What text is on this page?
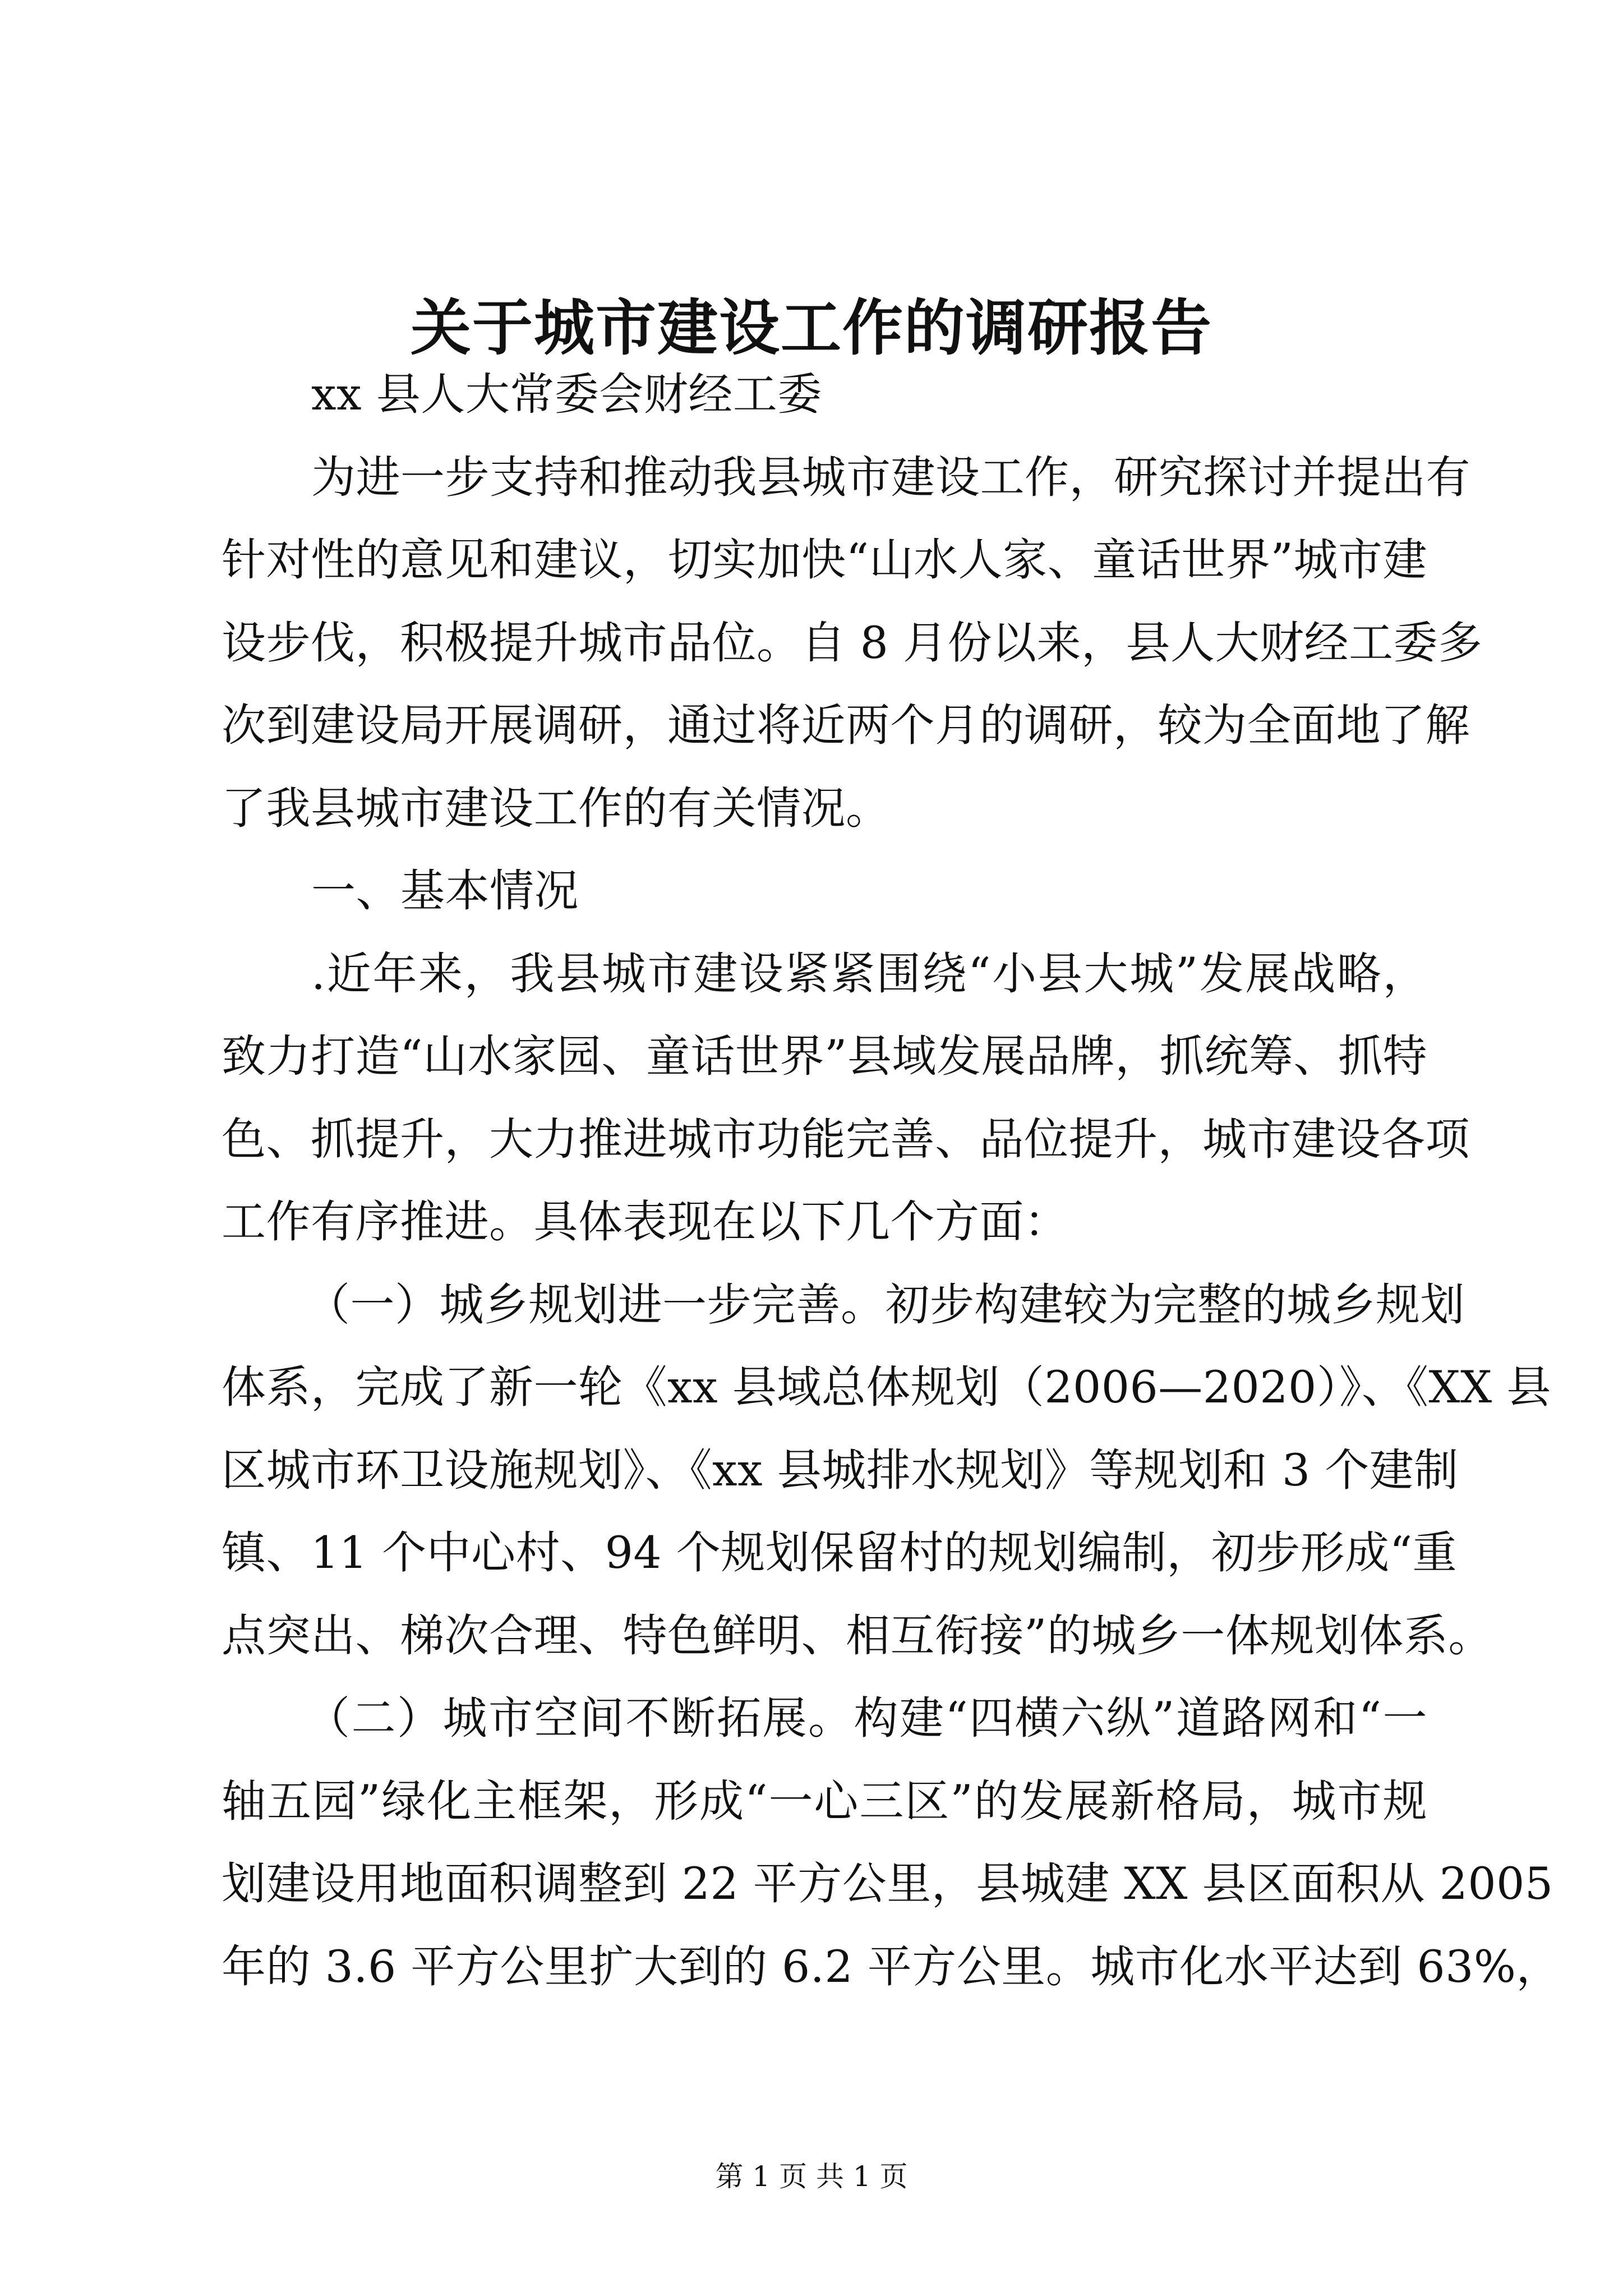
关于城市建设工作的调研报告
xx 县人大常委会财经工委
为进一步支持和推动我县城市建设工作，研究探讨并提出有
针对性的意见和建议，切实加快“山水人家、童话世界”城市建
设步伐，积极提升城市品位。自 8 月份以来，县人大财经工委多
次到建设局开展调研，通过将近两个月的调研，较为全面地了解
了我县城市建设工作的有关情况。
一、基本情况
.近年来，我县城市建设紧紧围绕“小县大城”发展战略，
致力打造“山水家园、童话世界”县域发展品牌，抓统筹、抓特
色、抓提升，大力推进城市功能完善、品位提升，城市建设各项
工作有序推进。具体表现在以下几个方面：
（一）城乡规划进一步完善。初步构建较为完整的城乡规划
体系，完成了新一轮《xx 县域总体规划（2006—2020）》、《XX 县
区城市环卫设施规划》、《xx 县城排水规划》等规划和 3 个建制
镇、11 个中心村、94 个规划保留村的规划编制，初步形成“重
点突出、梯次合理、特色鲜明、相互衔接”的城乡一体规划体系。
（二）城市空间不断拓展。构建“四横六纵”道路网和“一
轴五园”绿化主框架，形成“一心三区”的发展新格局，城市规
划建设用地面积调整到 22 平方公里，县城建 XX 县区面积从 2005
年的 3.6 平方公里扩大到的 6.2 平方公里。城市化水平达到 63%，
第 1 页 共 1 页
